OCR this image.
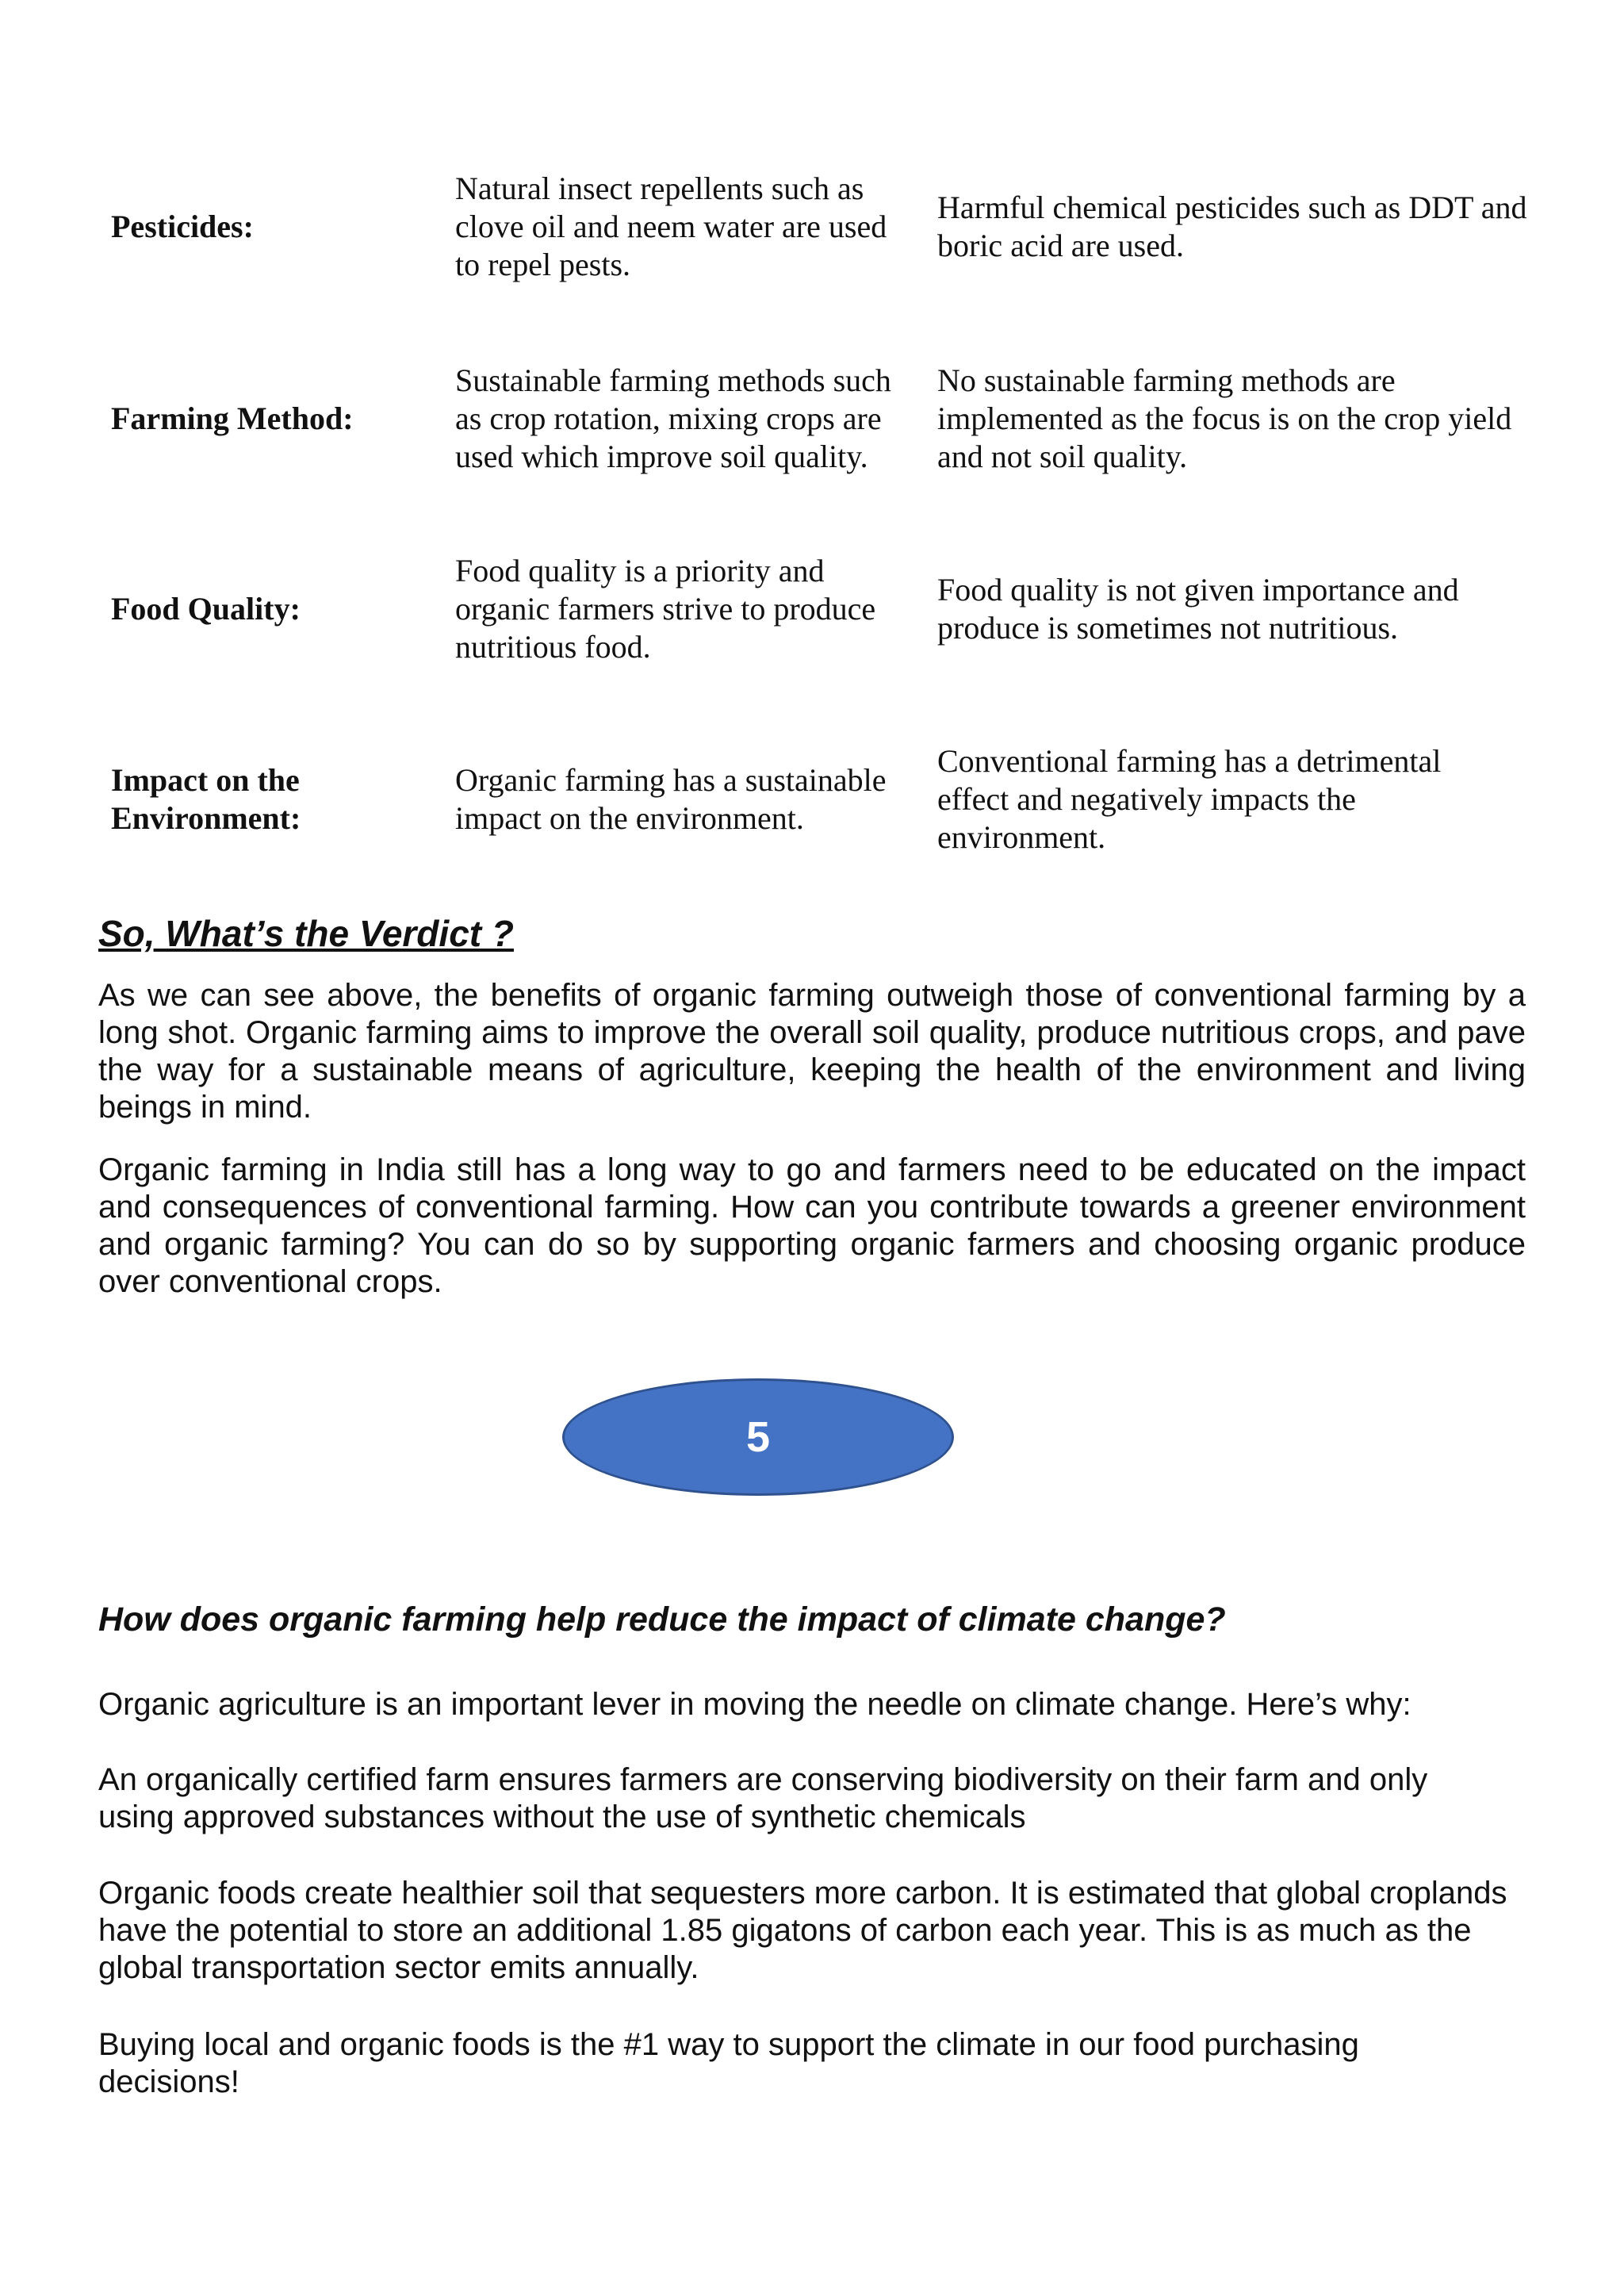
Pesticides:
Natural insect repellents such as clove oil and neem water are used to repel pests.
Harmful chemical pesticides such as DDT and boric acid are used.
Farming Method:
Sustainable farming methods such as crop rotation, mixing crops are used which improve soil quality.
No sustainable farming methods are implemented as the focus is on the crop yield and not soil quality.
Food Quality:
Food quality is a priority and organic farmers strive to produce nutritious food.
Food quality is not given importance and produce is sometimes not nutritious.
Impact on the Environment:
Organic farming has a sustainable impact on the environment.
Conventional farming has a detrimental effect and negatively impacts the environment.
So, What’s the Verdict ?
As we can see above, the benefits of organic farming outweigh those of conventional farming by a long shot. Organic farming aims to improve the overall soil quality, produce nutritious crops, and pave the way for a sustainable means of agriculture, keeping the health of the environment and living beings in mind.
Organic farming in India still has a long way to go and farmers need to be educated on the impact and consequences of conventional farming. How can you contribute towards a greener environment and organic farming? You can do so by supporting organic farmers and choosing organic produce over conventional crops.
5
How does organic farming help reduce the impact of climate change?
Organic agriculture is an important lever in moving the needle on climate change. Here’s why:
An organically certified farm ensures farmers are conserving biodiversity on their farm and only using approved substances without the use of synthetic chemicals
Organic foods create healthier soil that sequesters more carbon. It is estimated that global croplands have the potential to store an additional 1.85 gigatons of carbon each year. This is as much as the global transportation sector emits annually.
Buying local and organic foods is the #1 way to support the climate in our food purchasing decisions!
